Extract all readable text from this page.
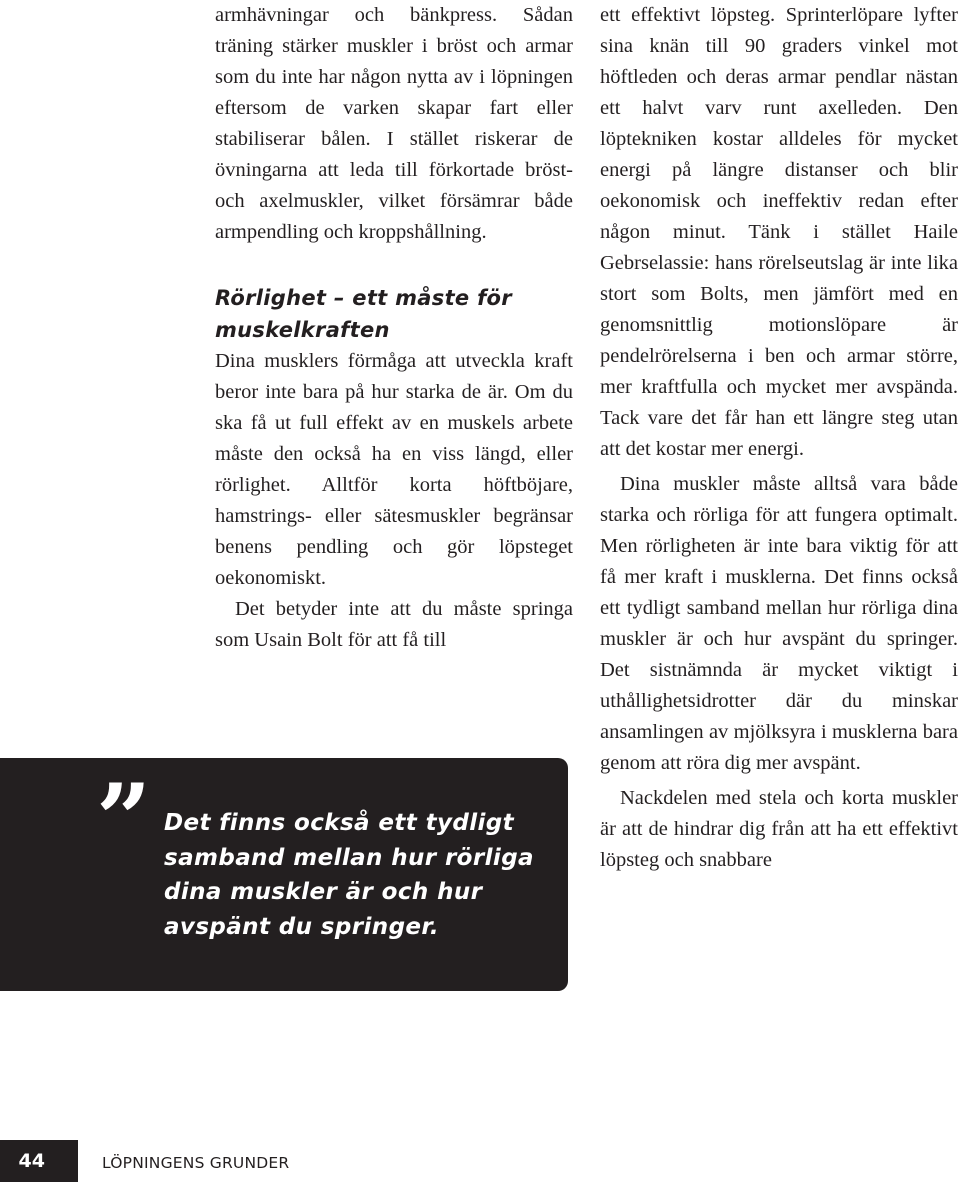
armhävningar och bänkpress. Sådan träning stärker muskler i bröst och armar som du inte har någon nytta av i löpningen eftersom de varken skapar fart eller stabiliserar bålen. I stället riskerar de övningarna att leda till förkortade bröst- och axelmuskler, vilket försämrar både armpendling och kroppshållning.

Rörlighet – ett måste för muskelkraften

Dina musklers förmåga att utveckla kraft beror inte bara på hur starka de är. Om du ska få ut full effekt av en muskels arbete måste den också ha en viss längd, eller rörlighet. Alltför korta höftböjare, hamstrings- eller sätesmuskler begränsar benens pendling och gör löpsteget oekonomiskt.

Det betyder inte att du måste springa som Usain Bolt för att få till

ett effektivt löpsteg. Sprinterlöpare lyfter sina knän till 90 graders vinkel mot höftleden och deras armar pendlar nästan ett halvt varv runt axelleden. Den löptekniken kostar alldeles för mycket energi på längre distanser och blir oekonomisk och ineffektiv redan efter någon minut. Tänk i stället Haile Gebrselassie: hans rörelseutslag är inte lika stort som Bolts, men jämfört med en genomsnittlig motionslöpare är pendelrörelserna i ben och armar större, mer kraftfulla och mycket mer avspända. Tack vare det får han ett längre steg utan att det kostar mer energi.

Dina muskler måste alltså vara både starka och rörliga för att fungera optimalt. Men rörligheten är inte bara viktig för att få mer kraft i musklerna. Det finns också ett tydligt samband mellan hur rörliga dina muskler är och hur avspänt du springer. Det sistnämnda är mycket viktigt i uthållighetsidrotter där du minskar ansamlingen av mjölksyra i musklerna bara genom att röra dig mer avspänt.

Nackdelen med stela och korta muskler är att de hindrar dig från att ha ett effektivt löpsteg och snabbare

” Det finns också ett tydligt samband mellan hur rörliga dina muskler är och hur avspänt du springer.
44	LÖPNINGENS GRUNDER
